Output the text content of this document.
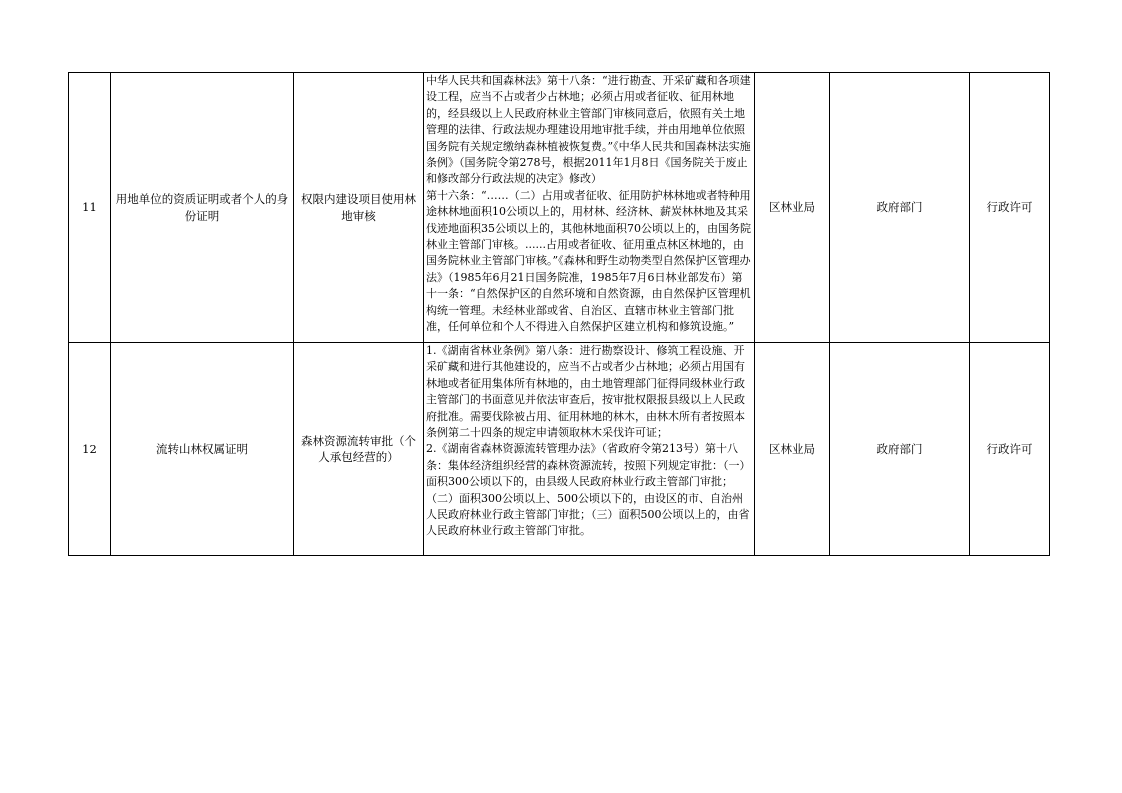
11	用地单位的资质证明或者个人的身份证明	权限内建设项目使用林地审核	中华人民共和国森林法》第十八条：“进行勘查、开采矿藏和各项建设工程，应当不占或者少占林地；必须占用或者征收、征用林地的，经县级以上人民政府林业主管部门审核同意后，依照有关土地管理的法律、行政法规办理建设用地审批手续，并由用地单位依照国务院有关规定缴纳森林植被恢复费。”《中华人民共和国森林法实施条例》（国务院令第278号，根据2011年1月8日《国务院关于废止和修改部分行政法规的决定》修改）
第十六条：“……（二）占用或者征收、征用防护林林地或者特种用途林林地面积10公顷以上的，用材林、经济林、薪炭林林地及其采伐迹地面积35公顷以上的，其他林地面积70公顷以上的，由国务院林业主管部门审核。......占用或者征收、征用重点林区林地的，由国务院林业主管部门审核。”《森林和野生动物类型自然保护区管理办法》（1985年6月21日国务院准，1985年7月6日林业部发布）第十一条：“自然保护区的自然环境和自然资源，由自然保护区管理机构统一管理。未经林业部或省、自治区、直辖市林业主管部门批准，任何单位和个人不得进入自然保护区建立机构和修筑设施。”	区林业局	政府部门	行政许可
12	流转山林权属证明	森林资源流转审批（个人承包经营的）	1.《湖南省林业条例》第八条：进行勘察设计、修筑工程设施、开采矿藏和进行其他建设的，应当不占或者少占林地；必须占用国有林地或者征用集体所有林地的，由土地管理部门征得同级林业行政主管部门的书面意见并依法审查后，按审批权限报县级以上人民政府批准。需要伐除被占用、征用林地的林木，由林木所有者按照本条例第二十四条的规定申请领取林木采伐许可证；
2.《湖南省森林资源流转管理办法》（省政府令第213号）第十八条：集体经济组织经营的森林资源流转，按照下列规定审批：（一）面积300公顷以下的，由县级人民政府林业行政主管部门审批；（二）面积300公顷以上、500公顷以下的，由设区的市、自治州人民政府林业行政主管部门审批；（三）面积500公顷以上的，由省人民政府林业行政主管部门审批。	区林业局	政府部门	行政许可
